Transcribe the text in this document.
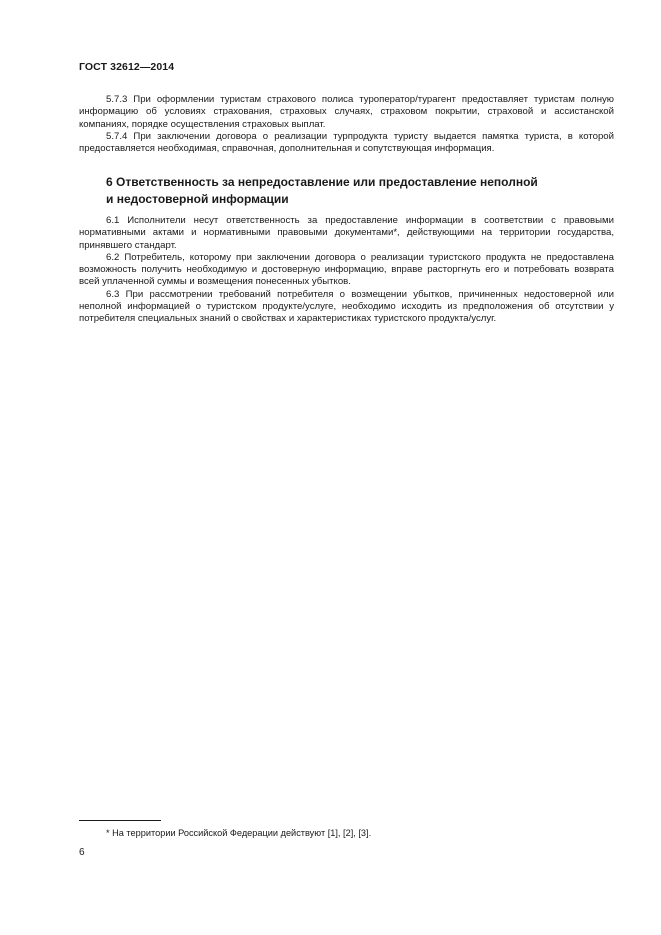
ГОСТ 32612—2014

5.7.3 При оформлении туристам страхового полиса туроператор/турагент предоставляет туристам полную информацию об условиях страхования, страховых случаях, страховом покрытии, страховой и ассистанской компаниях, порядке осуществления страховых выплат.

5.7.4 При заключении договора о реализации турпродукта туристу выдается памятка туриста, в которой предоставляется необходимая, справочная, дополнительная и сопутствующая информация.

6 Ответственность за непредоставление или предоставление неполной

и недостоверной информации

6.1 Исполнители несут ответственность за предоставление информации в соответствии с правовыми нормативными актами и нормативными правовыми документами*, действующими на территории государства, принявшего стандарт.

6.2 Потребитель, которому при заключении договора о реализации туристского продукта не предоставлена возможность получить необходимую и достоверную информацию, вправе расторгнуть его и потребовать возврата всей уплаченной суммы и возмещения понесенных убытков.

6.3 При рассмотрении требований потребителя о возмещении убытков, причиненных недостоверной или неполной информацией о туристском продукте/услуге, необходимо исходить из предположения об отсутствии у потребителя специальных знаний о свойствах и характеристиках туристского продукта/услуг.

* На территории Российской Федерации действуют [1], [2], [3].
6
